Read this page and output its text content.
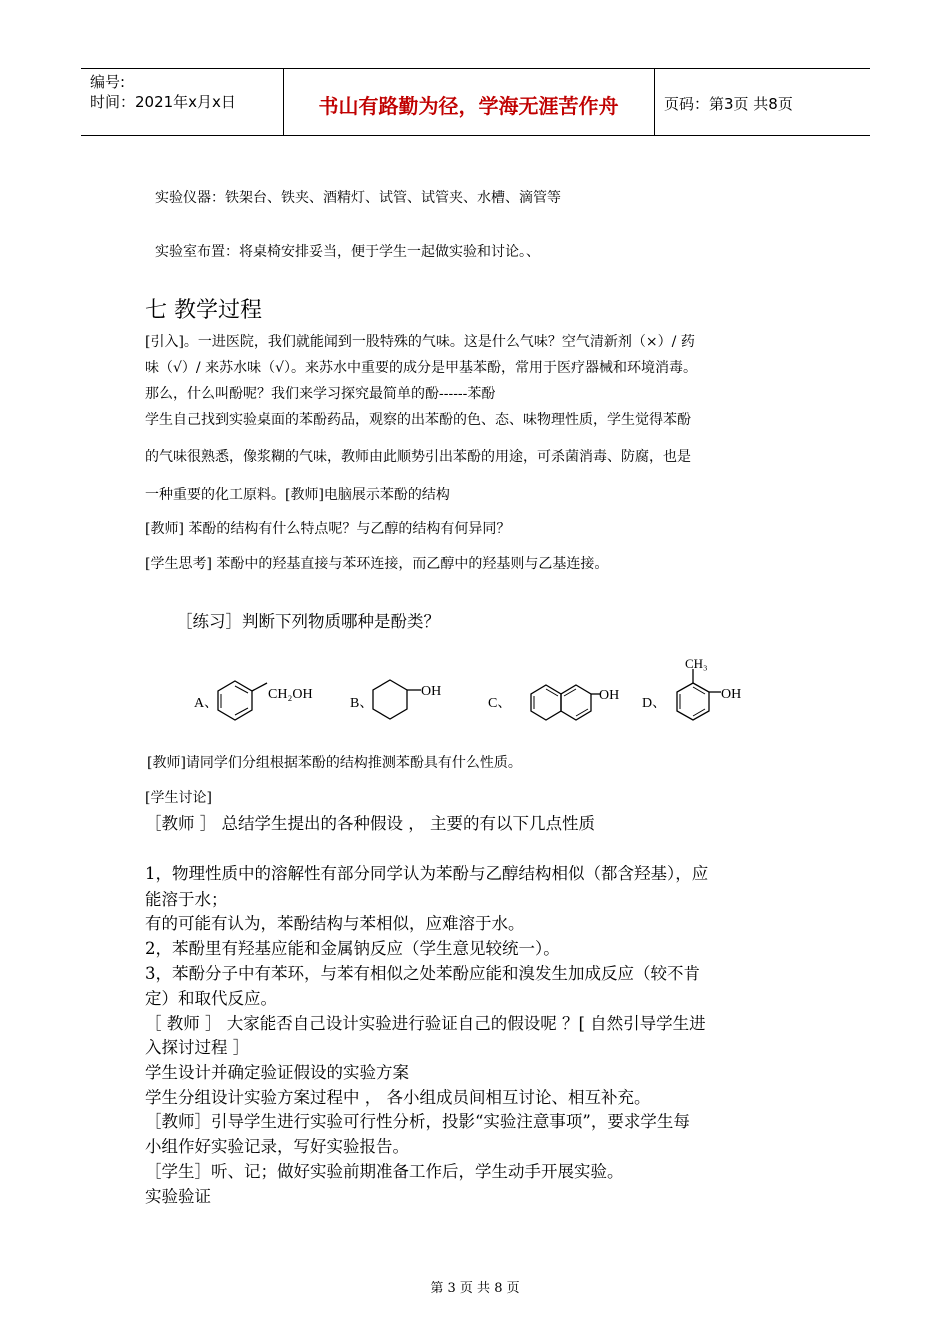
编号:
时间：2021年x月x日	书山有路勤为径，学海无涯苦作舟	页码：第3页 共8页
实验仪器：铁架台、铁夹、酒精灯、试管、试管夹、水槽、滴管等
实验室布置：将桌椅安排妥当，便于学生一起做实验和讨论。、
七 教学过程
[引入]。一进医院，我们就能闻到一股特殊的气味。这是什么气味？空气清新剂（×）/ 药
味（√）/ 来苏水味（√）。来苏水中重要的成分是甲基苯酚，常用于医疗器械和环境消毒。
那么，什么叫酚呢？我们来学习探究最简单的酚------苯酚
学生自己找到实验桌面的苯酚药品，观察的出苯酚的色、态、味物理性质，学生觉得苯酚
的气味很熟悉，像浆糊的气味，教师由此顺势引出苯酚的用途，可杀菌消毒、防腐，也是
一种重要的化工原料。[教师]电脑展示苯酚的结构
[教师] 苯酚的结构有什么特点呢？与乙醇的结构有何异同？
[学生思考] 苯酚中的羟基直接与苯环连接，而乙醇中的羟基则与乙基连接。
［练习］判断下列物质哪种是酚类？
A、
CH₂OH
B、
OH
C、
OH
D、
CH₃
OH
[教师]请同学们分组根据苯酚的结构推测苯酚具有什么性质。
[学生讨论]
［教师 ］ 总结学生提出的各种假设 ， 主要的有以下几点性质
1，物理性质中的溶解性有部分同学认为苯酚与乙醇结构相似（都含羟基），应
能溶于水；
有的可能有认为，苯酚结构与苯相似，应难溶于水。
2，苯酚里有羟基应能和金属钠反应（学生意见较统一）。
3，苯酚分子中有苯环，与苯有相似之处苯酚应能和溴发生加成反应（较不肯
定）和取代反应。
［ 教师 ］ 大家能否自己设计实验进行验证自己的假设呢 ？[ 自然引导学生进
入探讨过程 ］
学生设计并确定验证假设的实验方案
学生分组设计实验方案过程中 ， 各小组成员间相互讨论、相互补充。
［教师］引导学生进行实验可行性分析，投影“实验注意事项”，要求学生每
小组作好实验记录，写好实验报告。
［学生］听、记；做好实验前期准备工作后，学生动手开展实验。
实验验证
第 3 页 共 8 页
